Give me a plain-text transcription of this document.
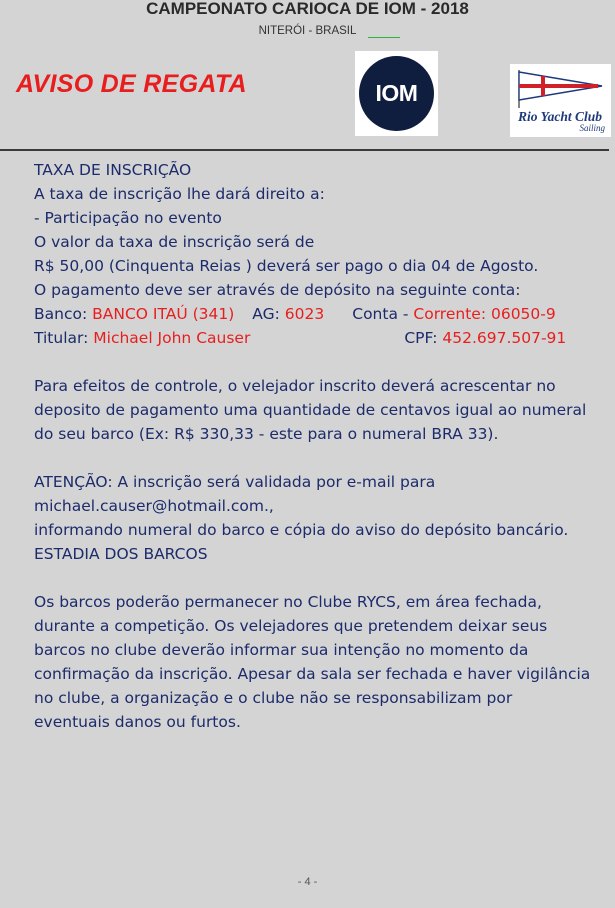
CAMPEONATO CARIOCA DE IOM - 2018
NITERÓI - BRASIL
AVISO DE REGATA	IOM
Rio Yacht Club
Sailing
TAXA DE INSCRIÇÃO
A taxa de inscrição lhe dará direito a:
- Participação no evento
O valor da taxa de inscrição será de
R$ 50,00 (Cinquenta Reias ) deverá ser pago o dia 04 de Agosto.
O pagamento deve ser através de depósito na seguinte conta:
Banco: BANCO ITAÚ (341) AG: 6023 Conta - Corrente: 06050-9
Titular: Michael John Causer	CPF: 452.697.507-91
Para efeitos de controle, o velejador inscrito deverá acrescentar no
deposito de pagamento uma quantidade de centavos igual ao numeral
do seu barco (Ex: R$ 330,33 - este para o numeral BRA 33).
ATENÇÃO: A inscrição será validada por e-mail para
michael.causer@hotmail.com.,
informando numeral do barco e cópia do aviso do depósito bancário.
ESTADIA DOS BARCOS
Os barcos poderão permanecer no Clube RYCS, em área fechada,
durante a competição. Os velejadores que pretendem deixar seus
barcos no clube deverão informar sua intenção no momento da
confirmação da inscrição. Apesar da sala ser fechada e haver vigilância
no clube, a organização e o clube não se responsabilizam por
eventuais danos ou furtos.
- 4 -
